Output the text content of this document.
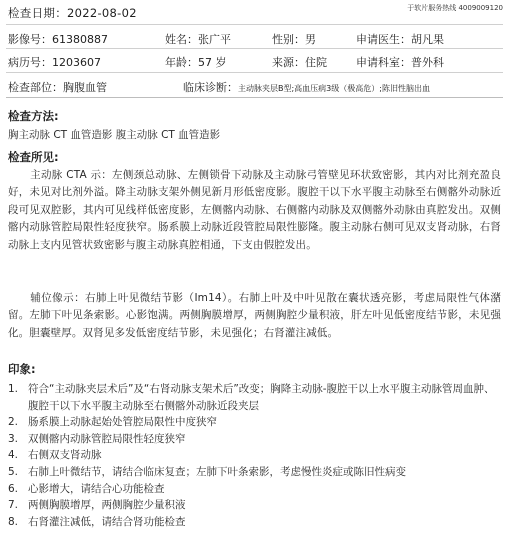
检查日期：2022-08-02	于软片服务热线 4009009120
影像号：61380887	姓名：张广平	性别：男	申请医生：胡凡果
病历号：1203607	年龄：57 岁	来源：住院	申请科室：普外科
检查部位：胸腹血管	临床诊断：主动脉夹层B型;高血压病3级（极高危）;陈旧性脑出血
检查方法:
胸主动脉 CT 血管造影 腹主动脉 CT 血管造影
检查所见:
主动脉 CTA 示：左侧颈总动脉、左侧锁骨下动脉及主动脉弓管壁见环状致密影，其内对比剂充盈良好，未见对比剂外溢。降主动脉支架外侧见新月形低密度影。腹腔干以下水平腹主动脉至右侧髂外动脉近段可见双腔影，其内可见线样低密度影，左侧髂内动脉、右侧髂内动脉及双侧髂外动脉由真腔发出。双侧髂内动脉管腔局限性轻度狭窄。肠系膜上动脉近段管腔局限性膨隆。腹主动脉右侧可见双支肾动脉，右肾动脉上支内见管状致密影与腹主动脉真腔相通，下支由假腔发出。
辅位像示：右肺上叶见微结节影（Im14）。右肺上叶及中叶见散在囊状透亮影，考虑局限性气体潴留。左肺下叶见条索影。心影饱满。两侧胸膜增厚，两侧胸腔少量积液，肝左叶见低密度结节影，未见强化。胆囊壁厚。双肾见多发低密度结节影，未见强化；右肾灌注减低。
印象:
1. 符合“主动脉夹层术后”及“右肾动脉支架术后”改变；胸降主动脉-腹腔干以上水平腹主动脉管周血肿、腹腔干以下水平腹主动脉至右侧髂外动脉近段夹层
2. 肠系膜上动脉起始处管腔局限性中度狭窄
3. 双侧髂内动脉管腔局限性轻度狭窄
4. 右侧双支肾动脉
5. 右肺上叶微结节，请结合临床复查；左肺下叶条索影，考虑慢性炎症或陈旧性病变
6. 心影增大，请结合心功能检查
7. 两侧胸膜增厚，两侧胸腔少量积液
8. 右肾灌注减低，请结合肾功能检查
